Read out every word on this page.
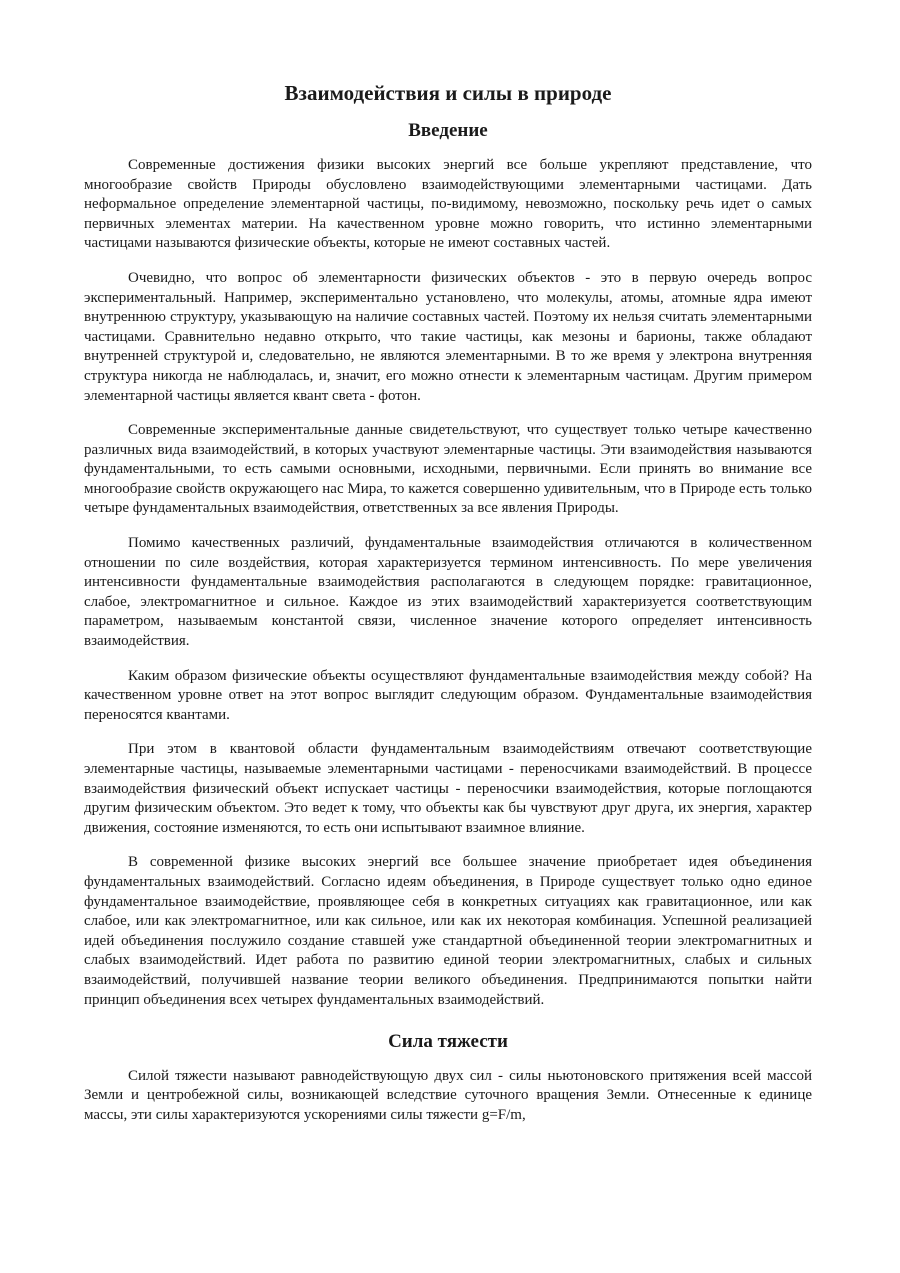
Взаимодействия и силы в природе
Введение

Современные достижения физики высоких энергий все больше укрепляют представление, что многообразие свойств Природы обусловлено взаимодействующими элементарными частицами. Дать неформальное определение элементарной частицы, по-видимому, невозможно, поскольку речь идет о самых первичных элементах материи. На качественном уровне можно говорить, что истинно элементарными частицами называются физические объекты, которые не имеют составных частей.

Очевидно, что вопрос об элементарности физических объектов - это в первую очередь вопрос экспериментальный. Например, экспериментально установлено, что молекулы, атомы, атомные ядра имеют внутреннюю структуру, указывающую на наличие составных частей. Поэтому их нельзя считать элементарными частицами. Сравнительно недавно открыто, что такие частицы, как мезоны и барионы, также обладают внутренней структурой и, следовательно, не являются элементарными. В то же время у электрона внутренняя структура никогда не наблюдалась, и, значит, его можно отнести к элементарным частицам. Другим примером элементарной частицы является квант света - фотон.

Современные экспериментальные данные свидетельствуют, что существует только четыре качественно различных вида взаимодействий, в которых участвуют элементарные частицы. Эти взаимодействия называются фундаментальными, то есть самыми основными, исходными, первичными. Если принять во внимание все многообразие свойств окружающего нас Мира, то кажется совершенно удивительным, что в Природе есть только четыре фундаментальных взаимодействия, ответственных за все явления Природы.

Помимо качественных различий, фундаментальные взаимодействия отличаются в количественном отношении по силе воздействия, которая характеризуется термином интенсивность. По мере увеличения интенсивности фундаментальные взаимодействия располагаются в следующем порядке: гравитационное, слабое, электромагнитное и сильное. Каждое из этих взаимодействий характеризуется соответствующим параметром, называемым константой связи, численное значение которого определяет интенсивность взаимодействия.

Каким образом физические объекты осуществляют фундаментальные взаимодействия между собой? На качественном уровне ответ на этот вопрос выглядит следующим образом. Фундаментальные взаимодействия переносятся квантами.

При этом в квантовой области фундаментальным взаимодействиям отвечают соответствующие элементарные частицы, называемые элементарными частицами - переносчиками взаимодействий. В процессе взаимодействия физический объект испускает частицы - переносчики взаимодействия, которые поглощаются другим физическим объектом. Это ведет к тому, что объекты как бы чувствуют друг друга, их энергия, характер движения, состояние изменяются, то есть они испытывают взаимное влияние.

В современной физике высоких энергий все большее значение приобретает идея объединения фундаментальных взаимодействий. Согласно идеям объединения, в Природе существует только одно единое фундаментальное взаимодействие, проявляющее себя в конкретных ситуациях как гравитационное, или как слабое, или как электромагнитное, или как сильное, или как их некоторая комбинация. Успешной реализацией идей объединения послужило создание ставшей уже стандартной объединенной теории электромагнитных и слабых взаимодействий. Идет работа по развитию единой теории электромагнитных, слабых и сильных взаимодействий, получившей название теории великого объединения. Предпринимаются попытки найти принцип объединения всех четырех фундаментальных взаимодействий.

Сила тяжести

Силой тяжести называют равнодействующую двух сил - силы ньютоновского притяжения всей массой Земли и центробежной силы, возникающей вследствие суточного вращения Земли. Отнесенные к единице массы, эти силы характеризуются ускорениями силы тяжести g=F/m,
